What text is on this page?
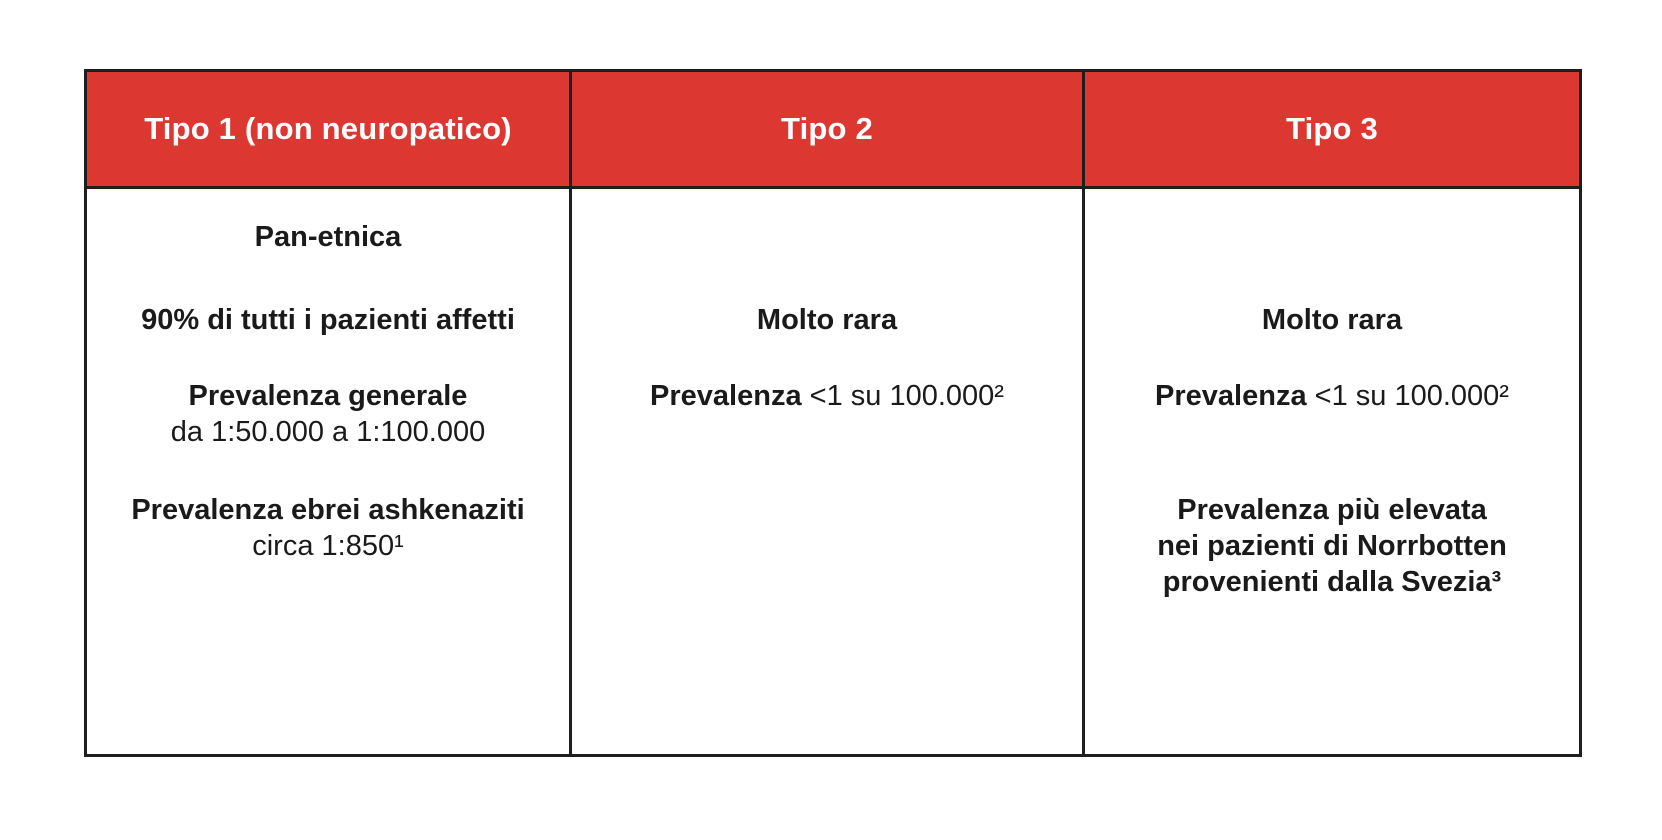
Tipo 1 (non neuropatico)	Tipo 2	Tipo 3
Pan-etnica
90% di tutti i pazienti affetti
Prevalenza generale
da 1:50.000 a 1:100.000
Prevalenza ebrei ashkenaziti
circa 1:850¹
Molto rara
Prevalenza <1 su 100.000²
Molto rara
Prevalenza <1 su 100.000²
Prevalenza più elevata
nei pazienti di Norrbotten
provenienti dalla Svezia³
